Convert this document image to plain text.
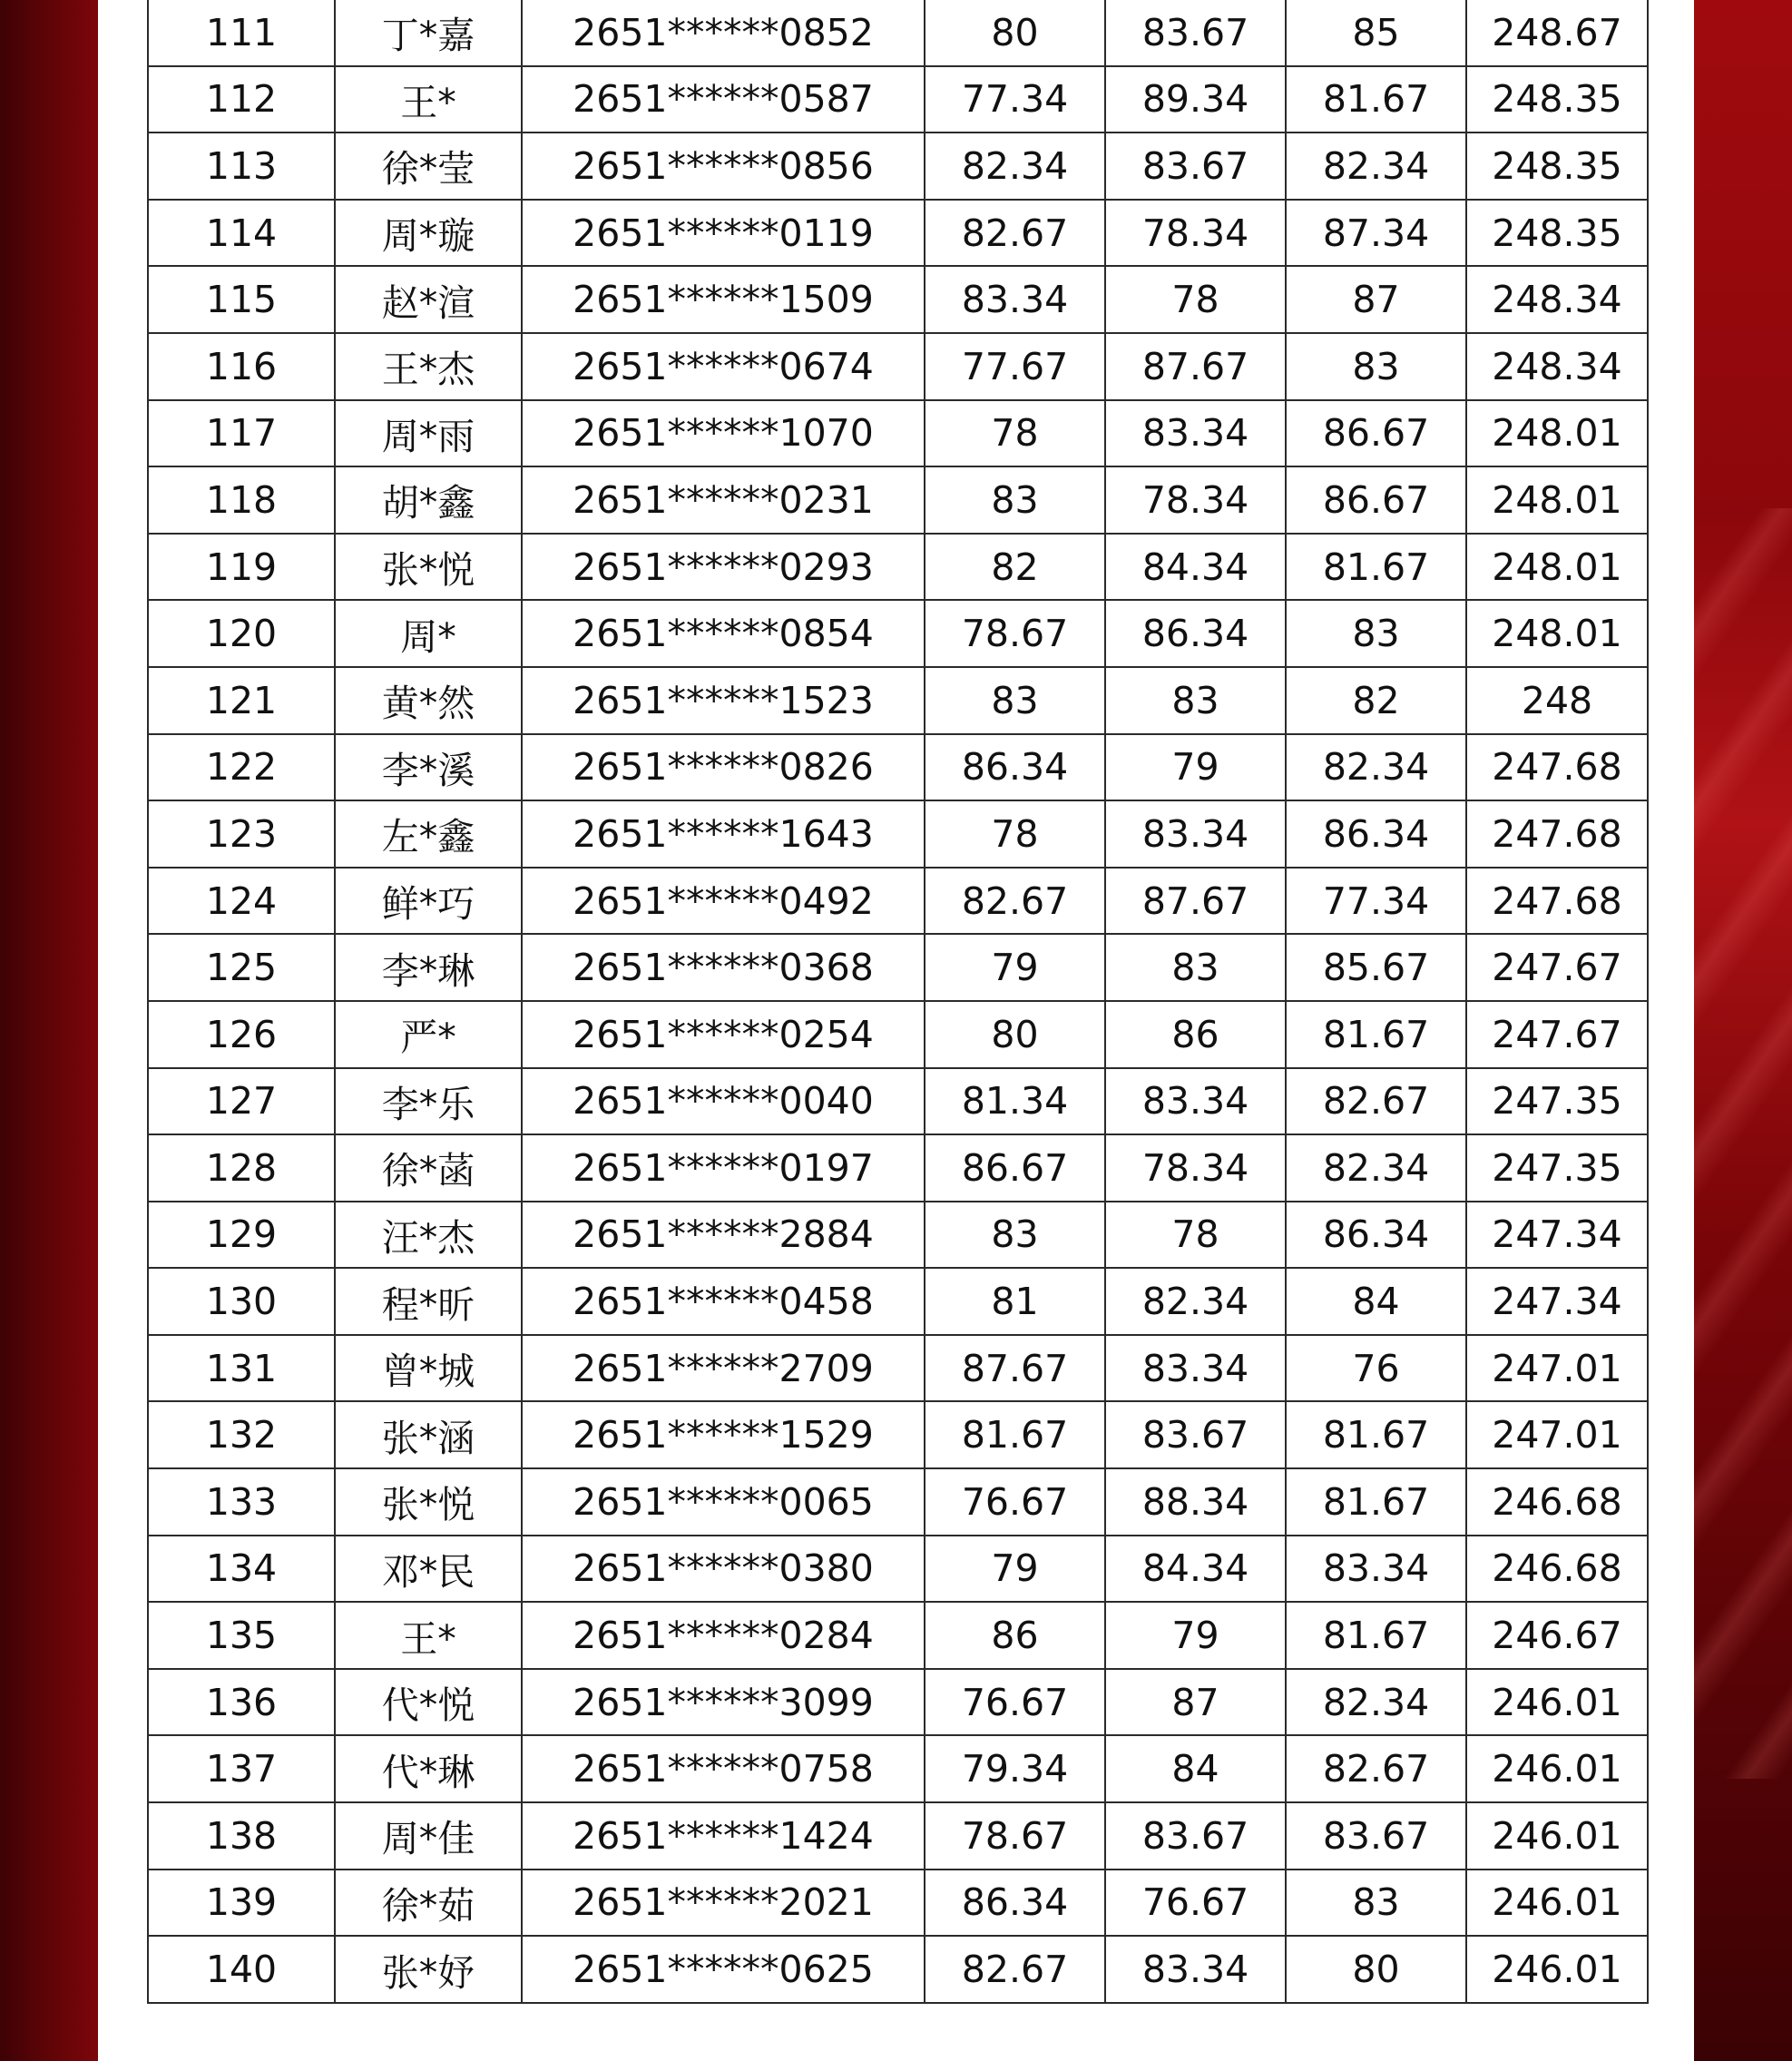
111	丁*嘉	2651******0852	80	83.67	85	248.67
112	王*	2651******0587	77.34	89.34	81.67	248.35
113	徐*莹	2651******0856	82.34	83.67	82.34	248.35
114	周*璇	2651******0119	82.67	78.34	87.34	248.35
115	赵*渲	2651******1509	83.34	78	87	248.34
116	王*杰	2651******0674	77.67	87.67	83	248.34
117	周*雨	2651******1070	78	83.34	86.67	248.01
118	胡*鑫	2651******0231	83	78.34	86.67	248.01
119	张*悦	2651******0293	82	84.34	81.67	248.01
120	周*	2651******0854	78.67	86.34	83	248.01
121	黄*然	2651******1523	83	83	82	248
122	李*溪	2651******0826	86.34	79	82.34	247.68
123	左*鑫	2651******1643	78	83.34	86.34	247.68
124	鲜*巧	2651******0492	82.67	87.67	77.34	247.68
125	李*琳	2651******0368	79	83	85.67	247.67
126	严*	2651******0254	80	86	81.67	247.67
127	李*乐	2651******0040	81.34	83.34	82.67	247.35
128	徐*菡	2651******0197	86.67	78.34	82.34	247.35
129	汪*杰	2651******2884	83	78	86.34	247.34
130	程*昕	2651******0458	81	82.34	84	247.34
131	曾*城	2651******2709	87.67	83.34	76	247.01
132	张*涵	2651******1529	81.67	83.67	81.67	247.01
133	张*悦	2651******0065	76.67	88.34	81.67	246.68
134	邓*民	2651******0380	79	84.34	83.34	246.68
135	王*	2651******0284	86	79	81.67	246.67
136	代*悦	2651******3099	76.67	87	82.34	246.01
137	代*琳	2651******0758	79.34	84	82.67	246.01
138	周*佳	2651******1424	78.67	83.67	83.67	246.01
139	徐*茹	2651******2021	86.34	76.67	83	246.01
140	张*妤	2651******0625	82.67	83.34	80	246.01
